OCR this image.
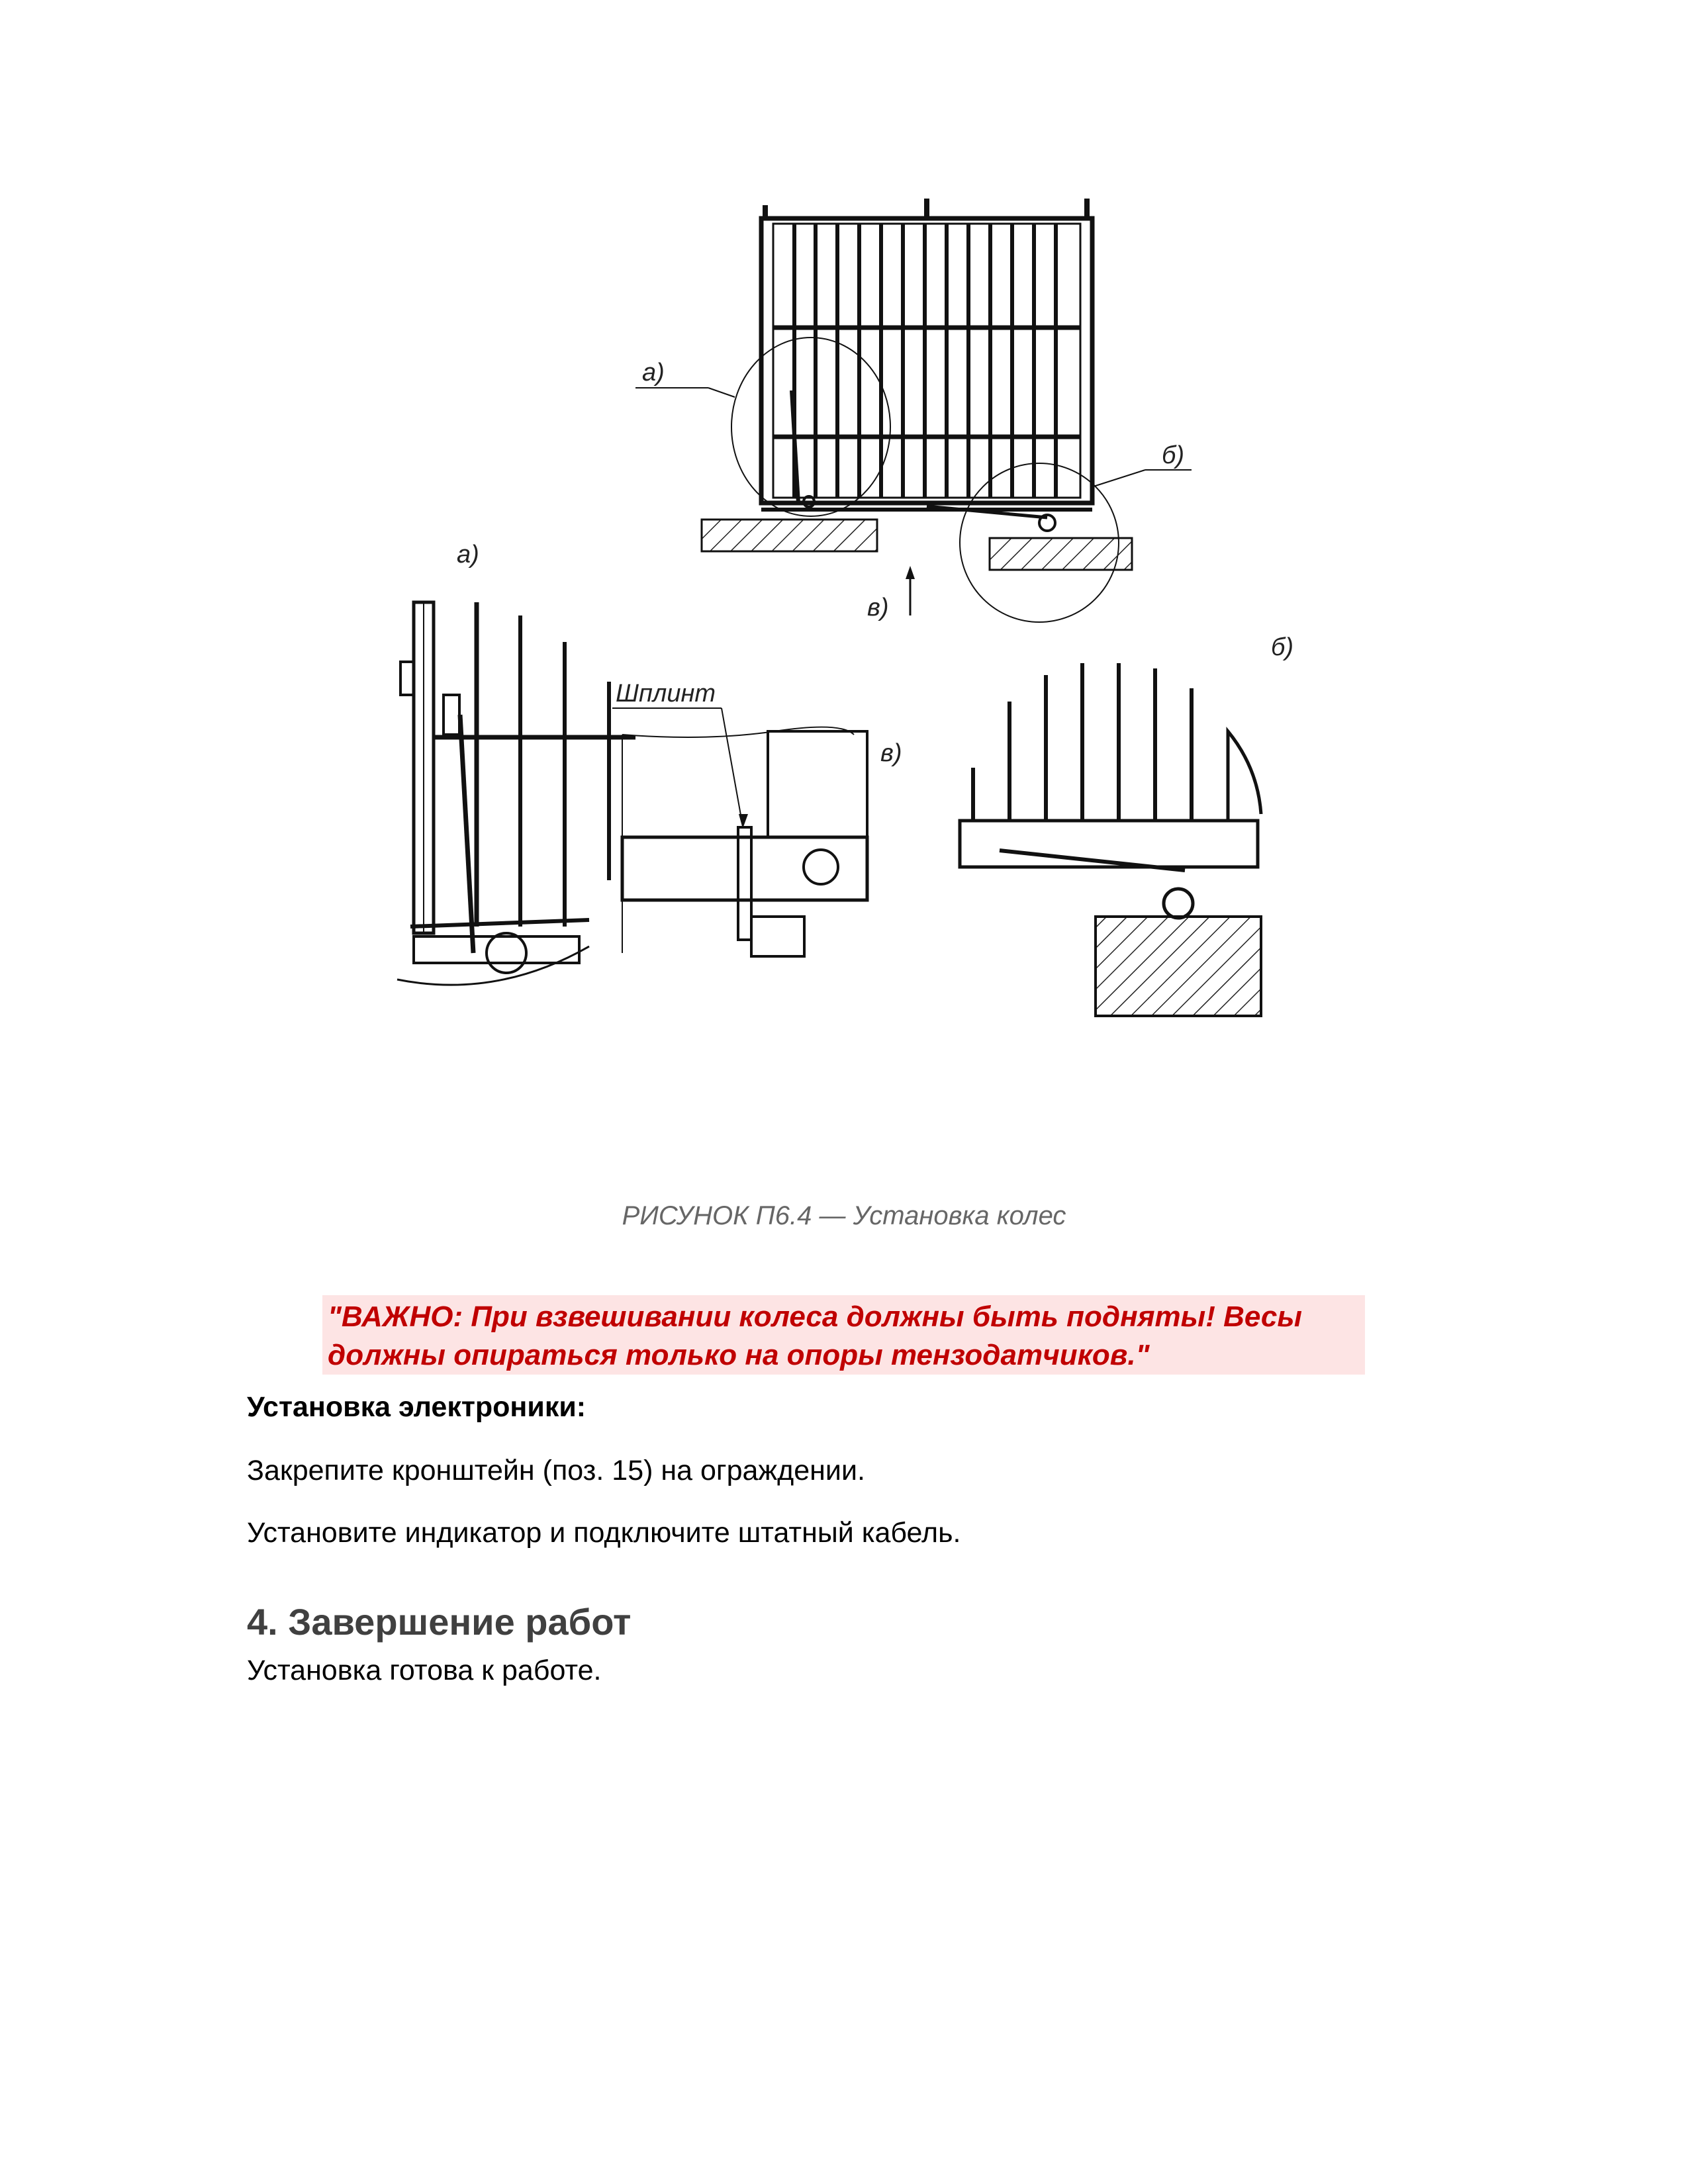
а)
б)
в)
а)
б)
в)
Шплинт
РИСУНОК П6.4 — Установка колес
"ВАЖНО: При взвешивании колеса должны быть подняты! Весы должны опираться только на опоры тензодатчиков."
Установка электроники:
Закрепите кронштейн (поз. 15) на ограждении.
Установите индикатор и подключите штатный кабель.
4. Завершение работ
Установка готова к работе.
